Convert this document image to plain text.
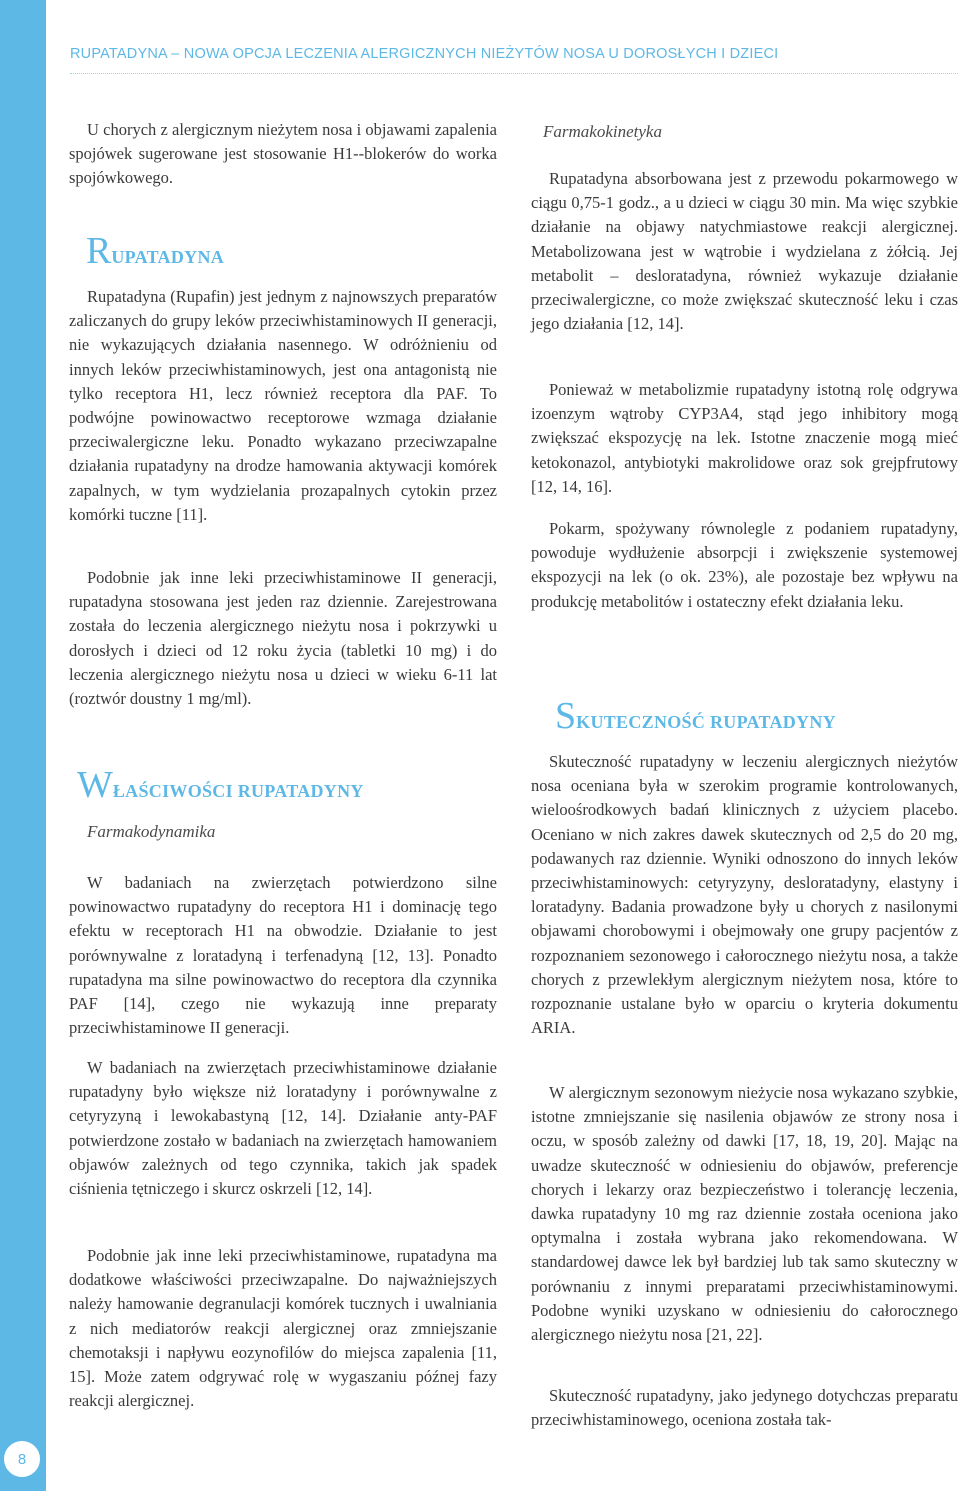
8
RUPATADYNA – NOWA OPCJA LECZENIA ALERGICZNYCH NIEŻYTÓW NOSA U DOROSŁYCH I DZIECI

U chorych z alergicznym nieżytem nosa i objawami zapalenia spojówek sugerowane jest stosowanie H1--blokerów do worka spojówkowego.

RUPATADYNA

Rupatadyna (Rupafin) jest jednym z najnowszych preparatów zaliczanych do grupy leków przeciwhistaminowych II generacji, nie wykazujących działania nasennego. W odróżnieniu od innych leków przeciwhistaminowych, jest ona antagonistą nie tylko receptora H1, lecz również receptora dla PAF. To podwójne powinowactwo receptorowe wzmaga działanie przeciwalergiczne leku. Ponadto wykazano przeciwzapalne działania rupatadyny na drodze hamowania aktywacji komórek zapalnych, w tym wydzielania prozapalnych cytokin przez komórki tuczne [11].

Podobnie jak inne leki przeciwhistaminowe II generacji, rupatadyna stosowana jest jeden raz dziennie. Zarejestrowana została do leczenia alergicznego nieżytu nosa i pokrzywki u dorosłych i dzieci od 12 roku życia (tabletki 10 mg) i do leczenia alergicznego nieżytu nosa u dzieci w wieku 6-11 lat (roztwór doustny 1 mg/ml).

WŁAŚCIWOŚCI RUPATADYNY
Farmakodynamika

W badaniach na zwierzętach potwierdzono silne powinowactwo rupatadyny do receptora H1 i dominację tego efektu w receptorach H1 na obwodzie. Działanie to jest porównywalne z loratadyną i terfenadyną [12, 13]. Ponadto rupatadyna ma silne powinowactwo do receptora dla czynnika PAF [14], czego nie wykazują inne preparaty przeciwhistaminowe II generacji.

W badaniach na zwierzętach przeciwhistaminowe działanie rupatadyny było większe niż loratadyny i porównywalne z cetyryzyną i lewokabastyną [12, 14]. Działanie anty-PAF potwierdzone zostało w badaniach na zwierzętach hamowaniem objawów zależnych od tego czynnika, takich jak spadek ciśnienia tętniczego i skurcz oskrzeli [12, 14].

Podobnie jak inne leki przeciwhistaminowe, rupatadyna ma dodatkowe właściwości przeciwzapalne. Do najważniejszych należy hamowanie degranulacji komórek tucznych i uwalniania z nich mediatorów reakcji alergicznej oraz zmniejszanie chemotaksji i napływu eozynofilów do miejsca zapalenia [11, 15]. Może zatem odgrywać rolę w wygaszaniu późnej fazy reakcji alergicznej.

Farmakokinetyka

Rupatadyna absorbowana jest z przewodu pokarmowego w ciągu 0,75-1 godz., a u dzieci w ciągu 30 min. Ma więc szybkie działanie na objawy natychmiastowe reakcji alergicznej. Metabolizowana jest w wątrobie i wydzielana z żółcią. Jej metabolit – desloratadyna, również wykazuje działanie przeciwalergiczne, co może zwiększać skuteczność leku i czas jego działania [12, 14].

Ponieważ w metabolizmie rupatadyny istotną rolę odgrywa izoenzym wątroby CYP3A4, stąd jego inhibitory mogą zwiększać ekspozycję na lek. Istotne znaczenie mogą mieć ketokonazol, antybiotyki makrolidowe oraz sok grejpfrutowy [12, 14, 16].

Pokarm, spożywany równolegle z podaniem rupatadyny, powoduje wydłużenie absorpcji i zwiększenie systemowej ekspozycji na lek (o ok. 23%), ale pozostaje bez wpływu na produkcję metabolitów i ostateczny efekt działania leku.

SKUTECZNOŚĆ RUPATADYNY

Skuteczność rupatadyny w leczeniu alergicznych nieżytów nosa oceniana była w szerokim programie kontrolowanych, wieloośrodkowych badań klinicznych z użyciem placebo. Oceniano w nich zakres dawek skutecznych od 2,5 do 20 mg, podawanych raz dziennie. Wyniki odnoszono do innych leków przeciwhistaminowych: cetyryzyny, desloratadyny, elastyny i loratadyny. Badania prowadzone były u chorych z nasilonymi objawami chorobowymi i obejmowały one grupy pacjentów z rozpoznaniem sezonowego i całorocznego nieżytu nosa, a także chorych z przewlekłym alergicznym nieżytem nosa, które to rozpoznanie ustalane było w oparciu o kryteria dokumentu ARIA.

W alergicznym sezonowym nieżycie nosa wykazano szybkie, istotne zmniejszanie się nasilenia objawów ze strony nosa i oczu, w sposób zależny od dawki [17, 18, 19, 20]. Mając na uwadze skuteczność w odniesieniu do objawów, preferencje chorych i lekarzy oraz bezpieczeństwo i tolerancję leczenia, dawka rupatadyny 10 mg raz dziennie została oceniona jako optymalna i została wybrana jako rekomendowana. W standardowej dawce lek był bardziej lub tak samo skuteczny w porównaniu z innymi preparatami przeciwhistaminowymi. Podobne wyniki uzyskano w odniesieniu do całorocznego alergicznego nieżytu nosa [21, 22].

Skuteczność rupatadyny, jako jedynego dotychczas preparatu przeciwhistaminowego, oceniona została tak-
